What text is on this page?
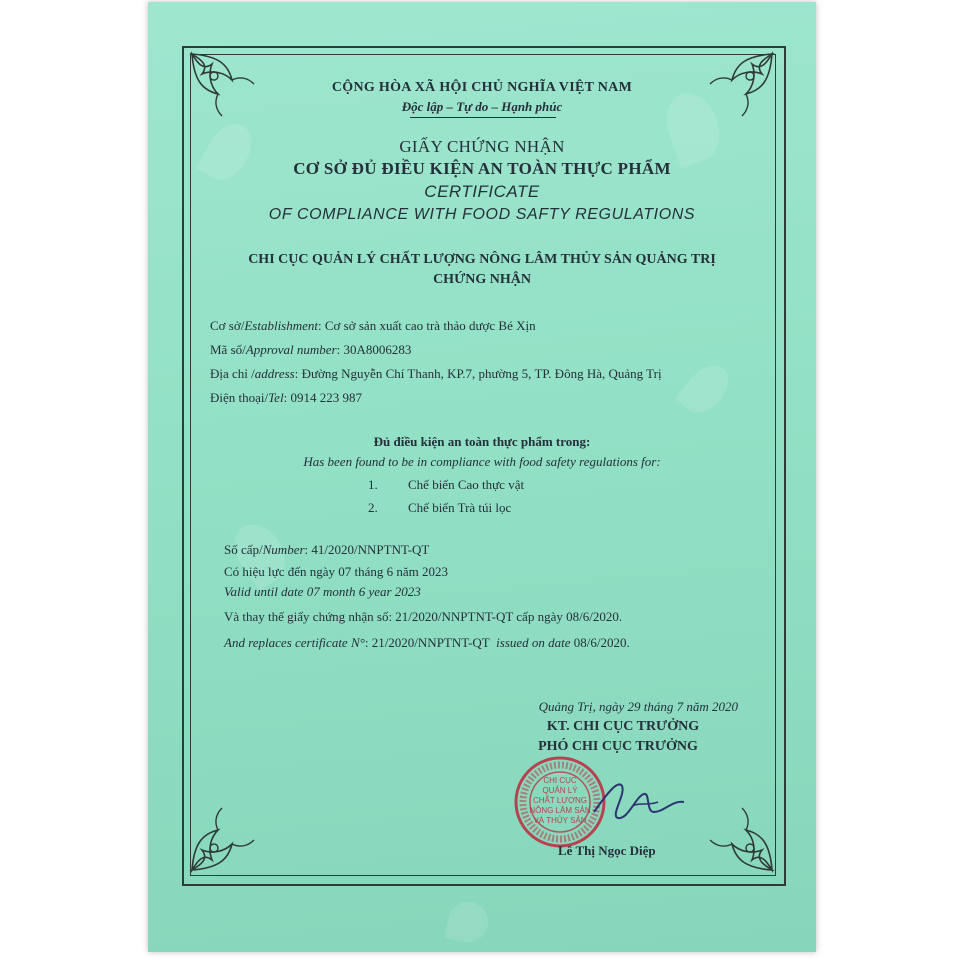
CỘNG HÒA XÃ HỘI CHỦ NGHĨA VIỆT NAM
Độc lập – Tự do – Hạnh phúc
GIẤY CHỨNG NHẬN
CƠ SỞ ĐỦ ĐIỀU KIỆN AN TOÀN THỰC PHẨM
CERTIFICATE
OF COMPLIANCE WITH FOOD SAFTY REGULATIONS
CHI CỤC QUẢN LÝ CHẤT LƯỢNG NÔNG LÂM THỦY SẢN QUẢNG TRỊ
CHỨNG NHẬN
Cơ sở/Establishment: Cơ sở sản xuất cao trà thảo dược Bé Xịn
Mã số/Approval number: 30A8006283
Địa chỉ /address: Đường Nguyễn Chí Thanh, KP.7, phường 5, TP. Đông Hà, Quảng Trị
Điện thoại/Tel: 0914 223 987
Đủ điều kiện an toàn thực phẩm trong:
Has been found to be in compliance with food safety regulations for:
1. Chế biến Cao thực vật
2. Chế biến Trà túi lọc
Số cấp/Number: 41/2020/NNPTNT-QT
Có hiệu lực đến ngày 07 tháng 6 năm 2023
Valid until date 07 month 6 year 2023
Và thay thế giấy chứng nhận số: 21/2020/NNPTNT-QT cấp ngày 08/6/2020.
And replaces certificate N°: 21/2020/NNPTNT-QT issued on date 08/6/2020.
Quảng Trị, ngày 29 tháng 7 năm 2020
KT. CHI CỤC TRƯỞNG
PHÓ CHI CỤC TRƯỞNG
CHI CỤC
QUẢN LÝ
CHẤT LƯỢNG
NÔNG LÂM SẢN
VÀ THỦY SẢN
Lê Thị Ngọc Diệp
